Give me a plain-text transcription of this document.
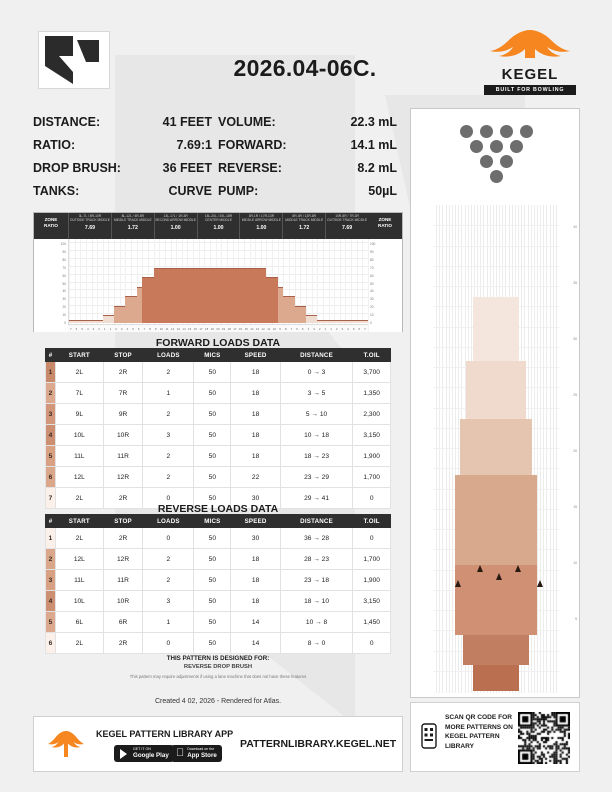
2026.04-06C.	KEGEL
BUILT FOR BOWLING
DISTANCE:	41 FEET VOLUME:	22.3 mL
RATIO:	7.69:1 FORWARD:	14.1 mL
DROP BRUSH:	36 FEET REVERSE:	8.2 mL
TANKS:	CURVE PUMP:	50µL
ZONE
RATIO
3L-7L / 8R-10R
OUTSIDE TRACK MIDDLE
7.69
8L-12L / 4R-8R
MIDDLE TRACK MIDDLE
1.72
13L-17L / 1R-3R
SECOND ARROW MIDDLE
1.00
18L-20L / 20L-18R
CENTER MIDDLE
1.00
3R-1R / 17R-13R
MIDDLE ARROW MIDDLE
1.00
8R-4R / 12R-8R
MIDDLE TRACK MIDDLE
1.72
10R-8R / 7R-3R
OUTSIDE TRACK MIDDLE
7.69
ZONE
RATIO
100
90
80
70
60
50
40
30
20
10
0
100
90
80
70
60
50
40
30
20
10
0
7	6	5	4	3	2	1	1	2	3	4	5	6	7	8	9	10 11 12 13 14 15 16 17 18 19 20 19 18 17 16 15 14 13 12 11 10	9	8	7	6	5	4	3	2	1	1	2	3	4	5	6	7
FORWARD LOADS DATA
#	START	STOP	LOADS	MICS	SPEED	DISTANCE	T.OIL
1	2L	2R	2	50	18	0 → 3	3,700
2	7L	7R	1	50	18	3 → 5	1,350
3	9L	9R	2	50	18	5 → 10	2,300
4	10L	10R	3	50	18	10 → 18	3,150
5	11L	11R	2	50	18	18 → 23	1,900
6	12L	12R	2	50	22	23 → 29	1,700
7	2L	2R	0	50	30	29 → 41	0
REVERSE LOADS DATA
#	START	STOP	LOADS	MICS	SPEED	DISTANCE	T.OIL
1	2L	2R	0	50	30	36 → 28	0
2	12L	12R	2	50	18	28 → 23	1,700
3	11L	11R	2	50	18	23 → 18	1,900
4	10L	10R	3	50	18	18 → 10	3,150
5	6L	6R	1	50	14	10 → 8	1,450
6	2L	2R	0	50	14	8 → 0	0
THIS PATTERN IS DESIGNED FOR:
REVERSE DROP BRUSH
This pattern may require adjustments if using a lane machine that does not have these features
Created 4 02, 2026 - Rendered for Atlas.
40
35
30
25
20
15
10
5
KEGEL PATTERN LIBRARY APP
GET IT ON
Google Play
Download on the
App Store
PATTERNLIBRARY.KEGEL.NET
SCAN QR CODE FOR MORE PATTERNS ON KEGEL PATTERN LIBRARY
